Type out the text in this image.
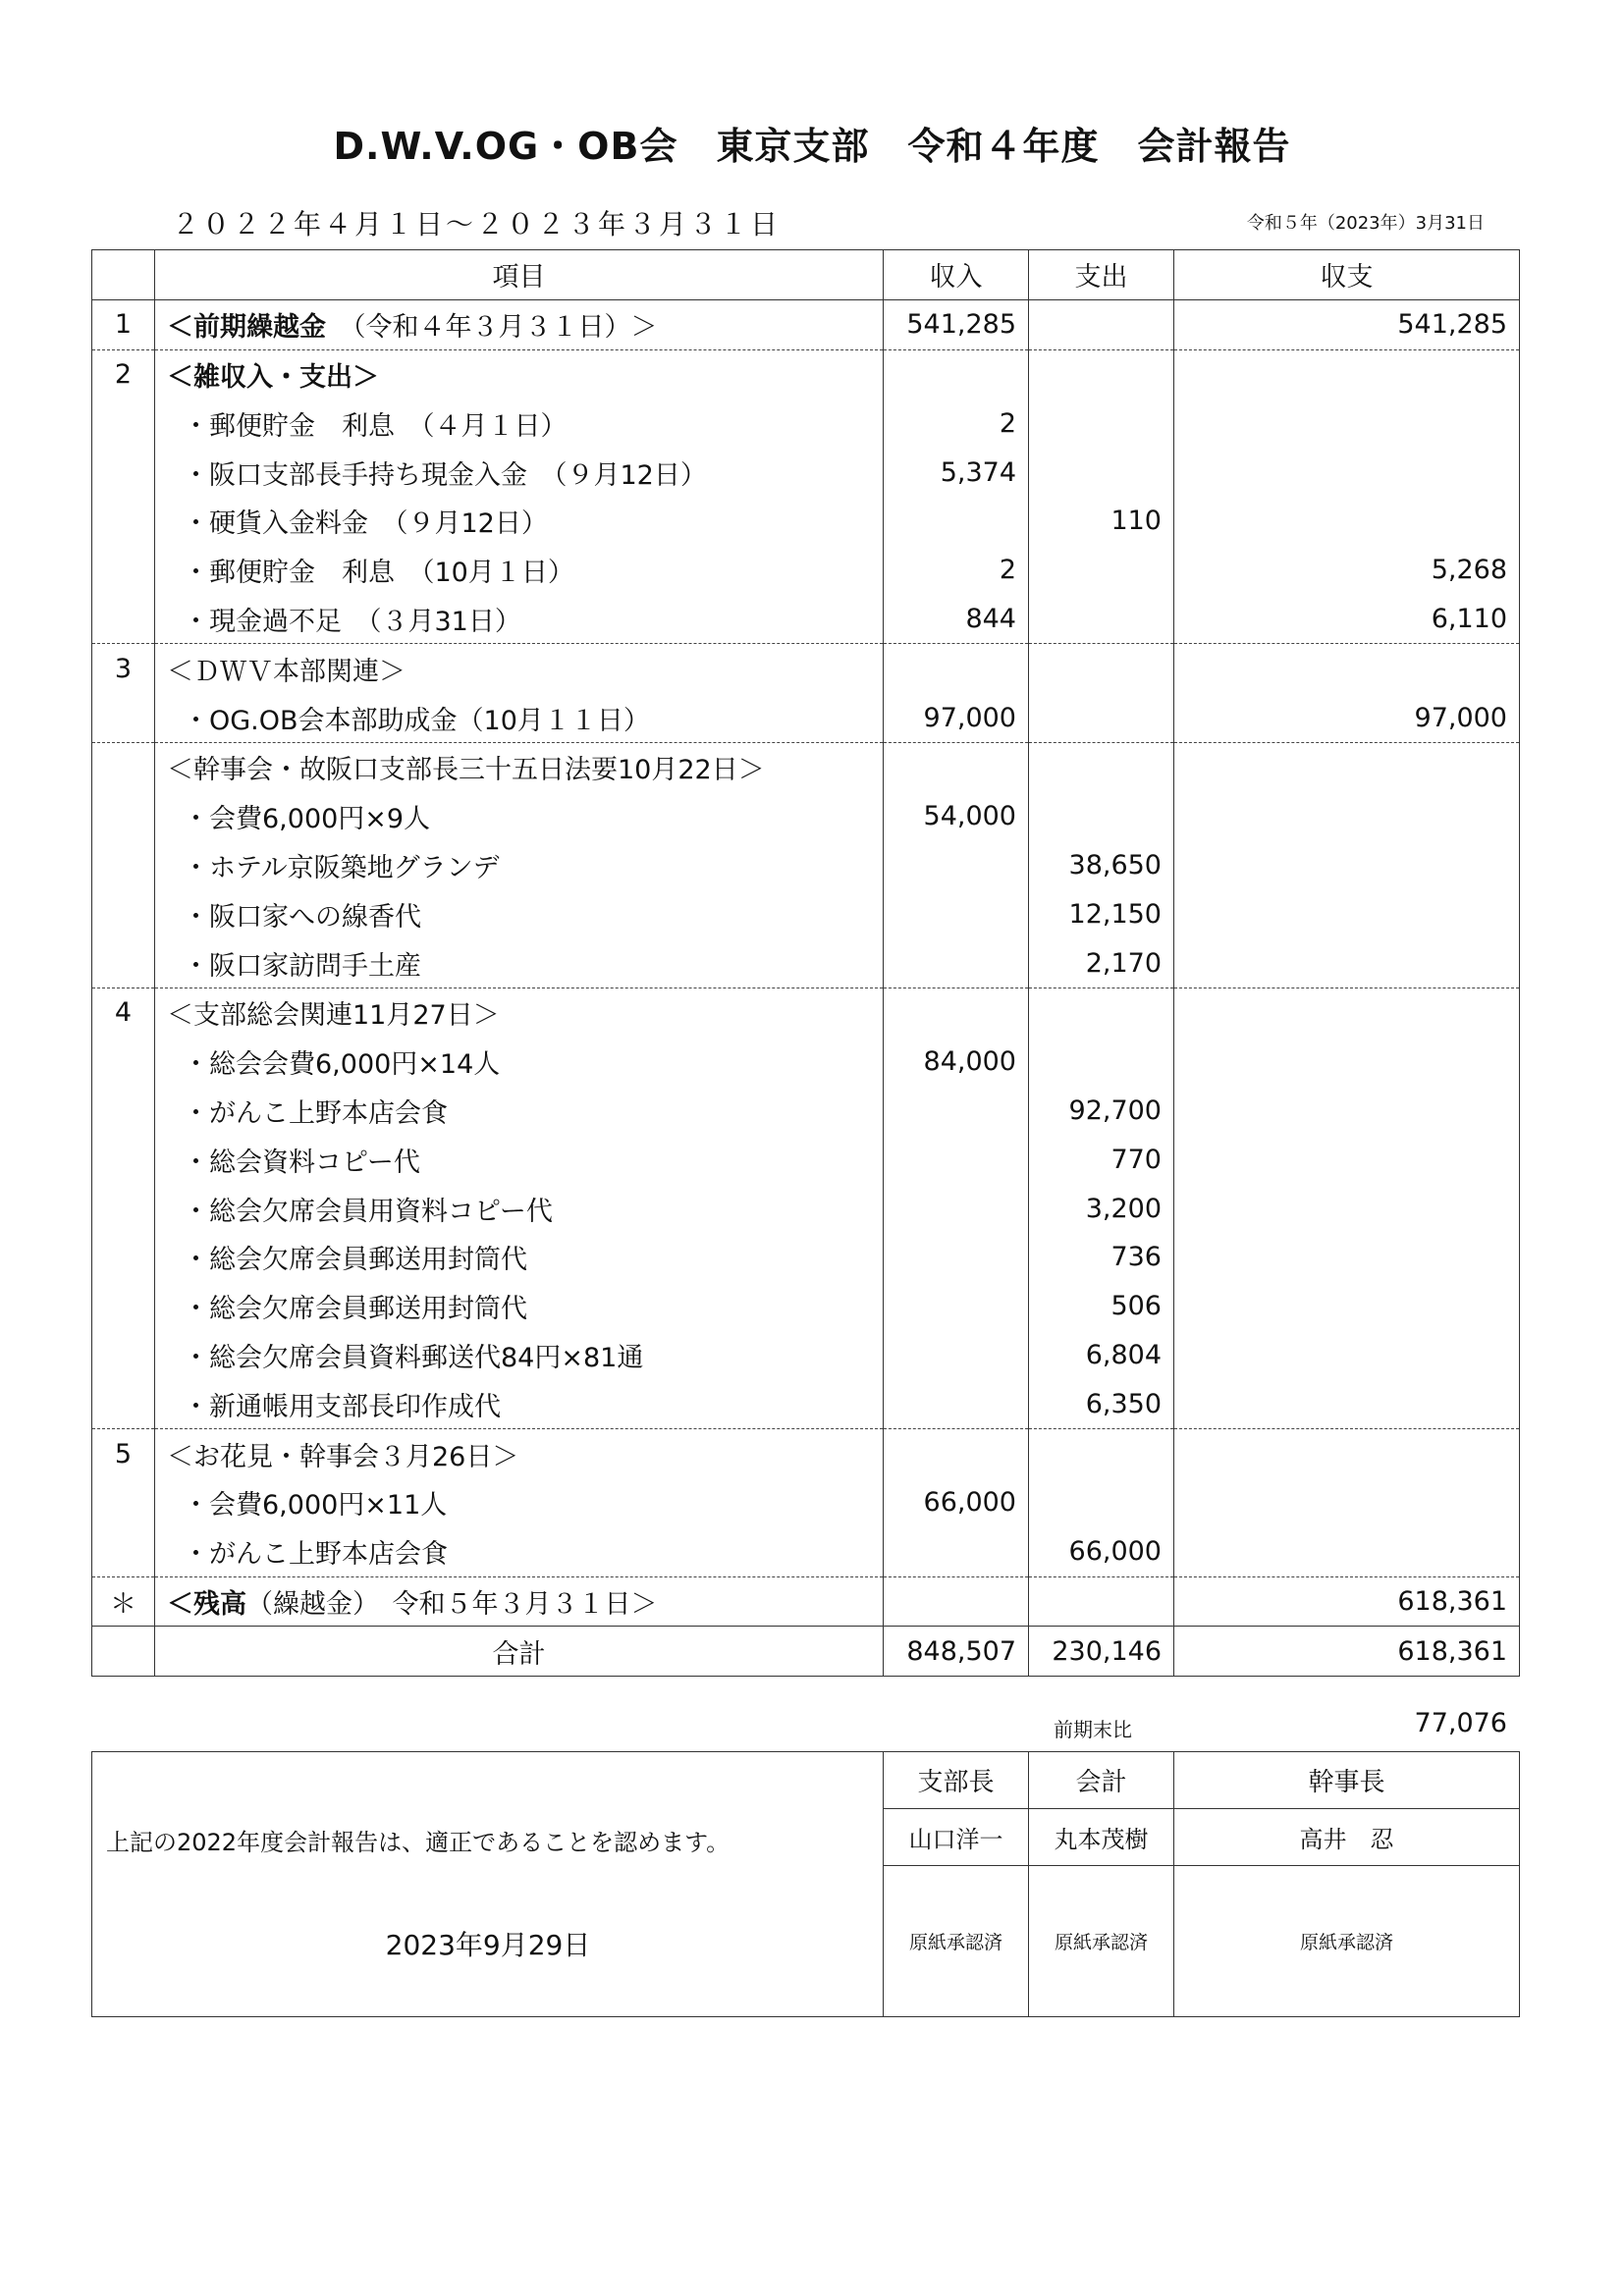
D.W.V.OG・OB会　東京支部　令和４年度　会計報告
２０２２年４月１日～２０２３年３月３１日	令和５年（2023年）3月31日
	項目	収入	支出	収支
1	＜前期繰越金　（令和４年３月３１日）＞	541,285		541,285
2	＜雑収入・支出＞			
	・郵便貯金　利息　（４月１日）	2		
	・阪口支部長手持ち現金入金　（９月12日）	5,374		
	・硬貨入金料金　（９月12日）		110	
	・郵便貯金　利息　（10月１日）	2		5,268
	・現金過不足　（３月31日）	844		6,110
3	＜ＤＷＶ本部関連＞			
	・OG.OB会本部助成金（10月１１日）	97,000		97,000
	＜幹事会・故阪口支部長三十五日法要10月22日＞			
	・会費6,000円×9人	54,000		
	・ホテル京阪築地グランデ		38,650	
	・阪口家への線香代		12,150	
	・阪口家訪問手土産		2,170	
4	＜支部総会関連11月27日＞			
	・総会会費6,000円×14人	84,000		
	・がんこ上野本店会食		92,700	
	・総会資料コピー代		770	
	・総会欠席会員用資料コピー代		3,200	
	・総会欠席会員郵送用封筒代		736	
	・総会欠席会員郵送用封筒代		506	
	・総会欠席会員資料郵送代84円×81通		6,804	
	・新通帳用支部長印作成代		6,350	
5	＜お花見・幹事会３月26日＞			
	・会費6,000円×11人	66,000		
	・がんこ上野本店会食		66,000	
＊	＜残高（繰越金）　令和５年３月３１日＞			618,361
	合計	848,507	230,146	618,361
前期末比	77,076
上記の2022年度会計報告は、適正であることを認めます。
2023年9月29日	支部長	会計	幹事長
	山口洋一	丸本茂樹	高井　忍
	原紙承認済	原紙承認済	原紙承認済
